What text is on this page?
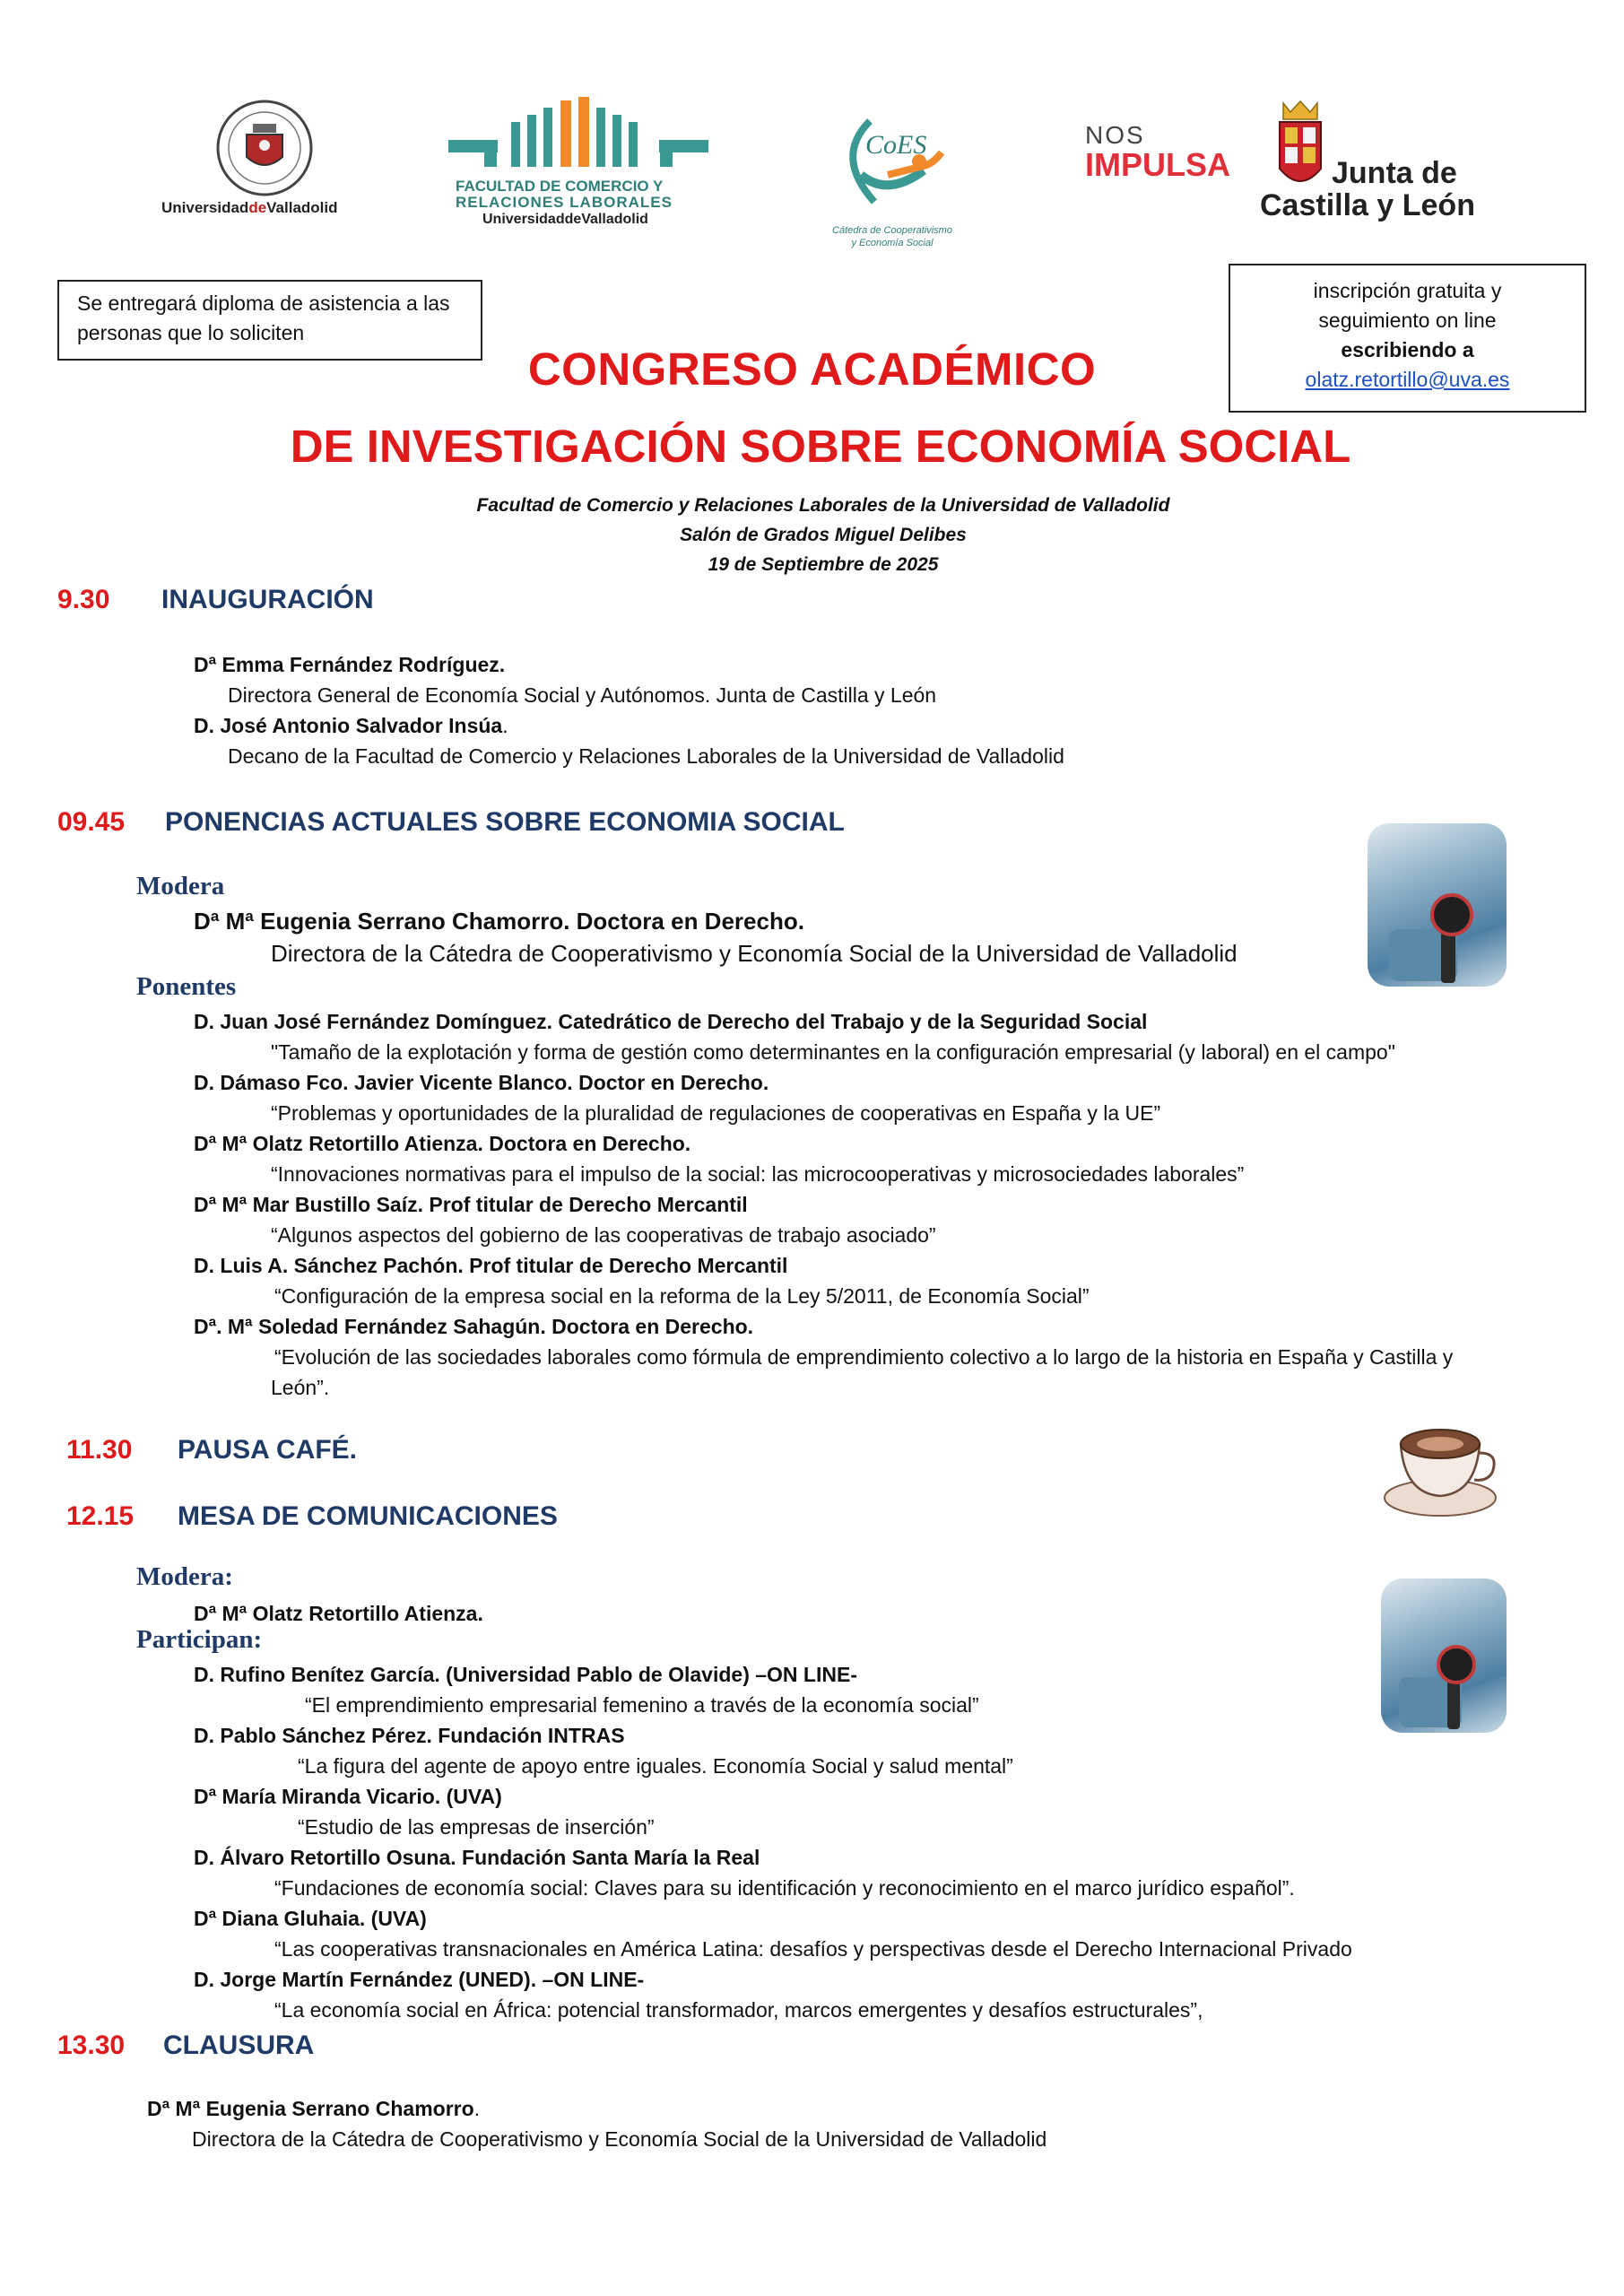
UniversidaddeValladolid
FACULTAD DE COMERCIO Y
RELACIONES LABORALES
UniversidaddeValladolid
CoES
Cátedra de Cooperativismo
y Economía Social
NOS
IMPULSA	Junta de
Castilla y León
Se entregará diploma de asistencia a las personas que lo soliciten
inscripción gratuita y
seguimiento on line
escribiendo a
olatz.retortillo@uva.es
CONGRESO ACADÉMICO
DE INVESTIGACIÓN SOBRE ECONOMÍA SOCIAL
Facultad de Comercio y Relaciones Laborales de la Universidad de Valladolid
Salón de Grados Miguel Delibes
19 de Septiembre de 2025
9.30 INAUGURACIÓN
Dª Emma Fernández Rodríguez.
Directora General de Economía Social y Autónomos. Junta de Castilla y León
D. José Antonio Salvador Insúa.
Decano de la Facultad de Comercio y Relaciones Laborales de la Universidad de Valladolid
09.45 PONENCIAS ACTUALES SOBRE ECONOMIA SOCIAL
Modera
Dª Mª Eugenia Serrano Chamorro. Doctora en Derecho.
Directora de la Cátedra de Cooperativismo y Economía Social de la Universidad de Valladolid
Ponentes
D. Juan José Fernández Domínguez. Catedrático de Derecho del Trabajo y de la Seguridad Social
"Tamaño de la explotación y forma de gestión como determinantes en la configuración empresarial (y laboral) en el campo"
D. Dámaso Fco. Javier Vicente Blanco. Doctor en Derecho.
“Problemas y oportunidades de la pluralidad de regulaciones de cooperativas en España y la UE”
Dª Mª Olatz Retortillo Atienza. Doctora en Derecho.
“Innovaciones normativas para el impulso de la social: las microcooperativas y microsociedades laborales”
Dª Mª Mar Bustillo Saíz. Prof titular de Derecho Mercantil
“Algunos aspectos del gobierno de las cooperativas de trabajo asociado”
D. Luis A. Sánchez Pachón. Prof titular de Derecho Mercantil
“Configuración de la empresa social en la reforma de la Ley 5/2011, de Economía Social”
Dª. Mª Soledad Fernández Sahagún. Doctora en Derecho.
“Evolución de las sociedades laborales como fórmula de emprendimiento colectivo a lo largo de la historia en España y Castilla y
León”.
11.30 PAUSA CAFÉ.
12.15 MESA DE COMUNICACIONES
Modera:
Dª Mª Olatz Retortillo Atienza.
Participan:
D. Rufino Benítez García. (Universidad Pablo de Olavide) –ON LINE-
“El emprendimiento empresarial femenino a través de la economía social”
D. Pablo Sánchez Pérez. Fundación INTRAS
“La figura del agente de apoyo entre iguales. Economía Social y salud mental”
Dª María Miranda Vicario. (UVA)
“Estudio de las empresas de inserción”
D. Álvaro Retortillo Osuna. Fundación Santa María la Real
“Fundaciones de economía social: Claves para su identificación y reconocimiento en el marco jurídico español”.
Dª Diana Gluhaia. (UVA)
“Las cooperativas transnacionales en América Latina: desafíos y perspectivas desde el Derecho Internacional Privado
D. Jorge Martín Fernández (UNED). –ON LINE-
“La economía social en África: potencial transformador, marcos emergentes y desafíos estructurales”,
13.30 CLAUSURA
Dª Mª Eugenia Serrano Chamorro.
Directora de la Cátedra de Cooperativismo y Economía Social de la Universidad de Valladolid
